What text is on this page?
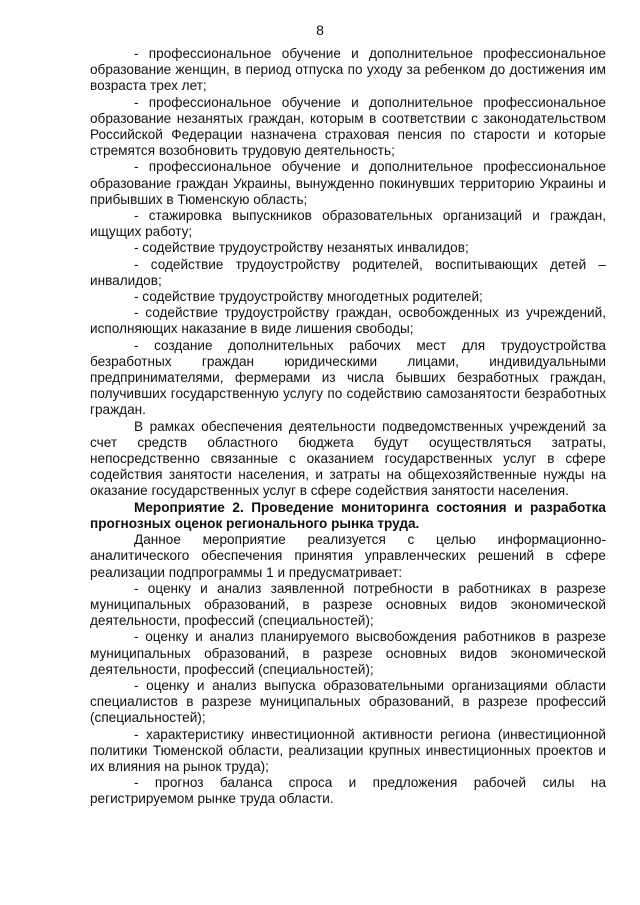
8

- профессиональное обучение и дополнительное профессиональное образование женщин, в период отпуска по уходу за ребенком до достижения им возраста трех лет;

- профессиональное обучение и дополнительное профессиональное образование незанятых граждан, которым в соответствии с законодательством Российской Федерации назначена страховая пенсия по старости и которые стремятся возобновить трудовую деятельность;

- профессиональное обучение и дополнительное профессиональное образование граждан Украины, вынужденно покинувших территорию Украины и прибывших в Тюменскую область;

- стажировка выпускников образовательных организаций и граждан, ищущих работу;

- содействие трудоустройству незанятых инвалидов;

- содействие трудоустройству родителей, воспитывающих детей – инвалидов;

- содействие трудоустройству многодетных родителей;

- содействие трудоустройству граждан, освобожденных из учреждений, исполняющих наказание в виде лишения свободы;

- создание дополнительных рабочих мест для трудоустройства безработных граждан юридическими лицами, индивидуальными предпринимателями, фермерами из числа бывших безработных граждан, получивших государственную услугу по содействию самозанятости безработных граждан.

В рамках обеспечения деятельности подведомственных учреждений за счет средств областного бюджета будут осуществляться затраты, непосредственно связанные с оказанием государственных услуг в сфере содействия занятости населения, и затраты на общехозяйственные нужды на оказание государственных услуг в сфере содействия занятости населения.

Мероприятие 2. Проведение мониторинга состояния и разработка прогнозных оценок регионального рынка труда.

Данное мероприятие реализуется с целью информационно-аналитического обеспечения принятия управленческих решений в сфере реализации подпрограммы 1 и предусматривает:

- оценку и анализ заявленной потребности в работниках в разрезе муниципальных образований, в разрезе основных видов экономической деятельности, профессий (специальностей);

- оценку и анализ планируемого высвобождения работников в разрезе муниципальных образований, в разрезе основных видов экономической деятельности, профессий (специальностей);

- оценку и анализ выпуска образовательными организациями области специалистов в разрезе муниципальных образований, в разрезе профессий (специальностей);

- характеристику инвестиционной активности региона (инвестиционной политики Тюменской области, реализации крупных инвестиционных проектов и их влияния на рынок труда);

- прогноз баланса спроса и предложения рабочей силы на регистрируемом рынке труда области.
